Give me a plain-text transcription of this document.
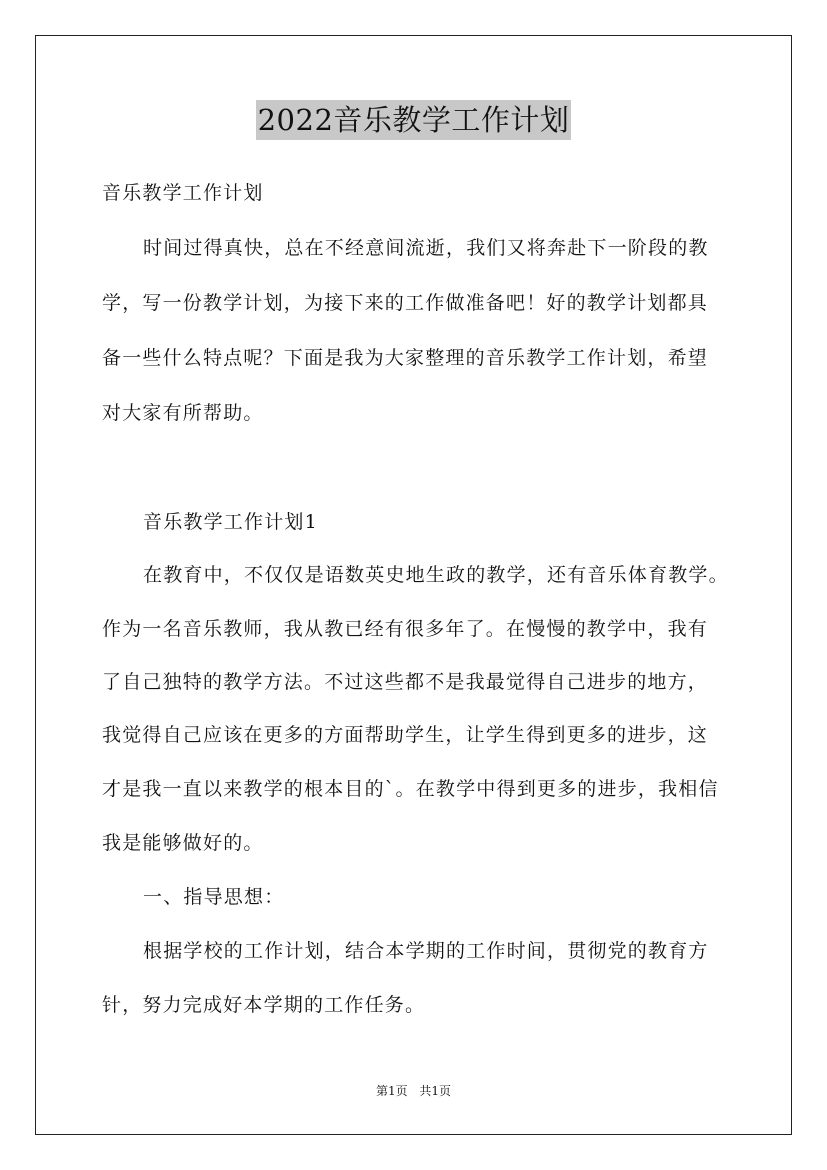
2022音乐教学工作计划
音乐教学工作计划
时间过得真快，总在不经意间流逝，我们又将奔赴下一阶段的教
学，写一份教学计划，为接下来的工作做准备吧！好的教学计划都具
备一些什么特点呢？下面是我为大家整理的音乐教学工作计划，希望
对大家有所帮助。
音乐教学工作计划1
在教育中，不仅仅是语数英史地生政的教学，还有音乐体育教学。
作为一名音乐教师，我从教已经有很多年了。在慢慢的教学中，我有
了自己独特的教学方法。不过这些都不是我最觉得自己进步的地方，
我觉得自己应该在更多的方面帮助学生，让学生得到更多的进步，这
才是我一直以来教学的根本目的`。在教学中得到更多的进步，我相信
我是能够做好的。
一、指导思想：
根据学校的工作计划，结合本学期的工作时间，贯彻党的教育方
针，努力完成好本学期的工作任务。
第1页 共1页
